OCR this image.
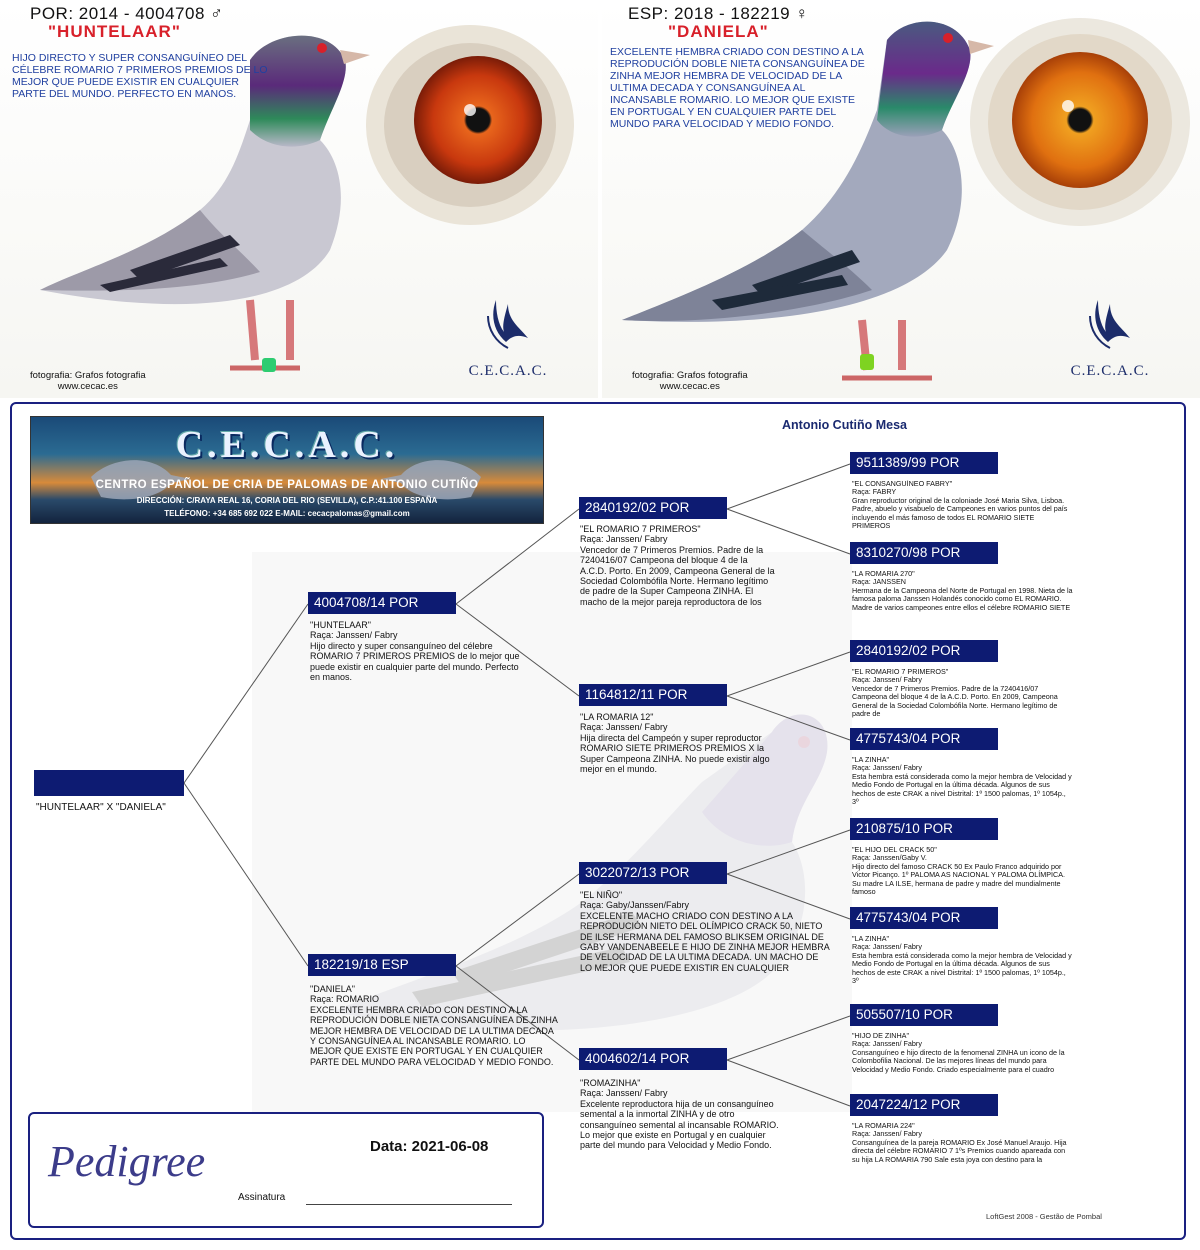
POR: 2014 - 4004708 ♂
"HUNTELAAR"
HIJO DIRECTO Y SUPER CONSANGUÍNEO DEL CÉLEBRE ROMARIO 7 PRIMEROS PREMIOS DE LO MEJOR QUE PUEDE EXISTIR EN CUALQUIER PARTE DEL MUNDO. PERFECTO EN MANOS.
fotografia: Grafos fotografia
www.cecac.es
C.E.C.A.C.
ESP: 2018 - 182219 ♀
"DANIELA"
EXCELENTE HEMBRA CRIADO CON DESTINO A LA REPRODUCIÓN DOBLE NIETA CONSANGUÍNEA DE ZINHA MEJOR HEMBRA DE VELOCIDAD DE LA ULTIMA DECADA Y CONSANGUÍNEA AL INCANSABLE ROMARIO. LO MEJOR QUE EXISTE EN PORTUGAL Y EN CUALQUIER PARTE DEL MUNDO PARA VELOCIDAD Y MEDIO FONDO.
fotografia: Grafos fotografia
www.cecac.es
C.E.C.A.C.
C.E.C.A.C.
CENTRO ESPAÑOL DE CRIA DE PALOMAS DE ANTONIO CUTIÑO
DIRECCIÓN: C/RAYA REAL 16, CORIA DEL RIO (SEVILLA), C.P.:41.100 ESPAÑA
TELÉFONO: +34 685 692 022 E-MAIL: cecacpalomas@gmail.com
Antonio Cutiño Mesa
"HUNTELAAR" X "DANIELA"
4004708/14 POR
"HUNTELAAR"
Raça: Janssen/ Fabry
Hijo directo y super consanguíneo del célebre ROMARIO 7 PRIMEROS PREMIOS de lo mejor que puede existir en cualquier parte del mundo. Perfecto en manos.
182219/18 ESP
"DANIELA"
Raça: ROMARIO
EXCELENTE HEMBRA CRIADO CON DESTINO A LA REPRODUCIÓN DOBLE NIETA CONSANGUÍNEA DE ZINHA MEJOR HEMBRA DE VELOCIDAD DE LA ULTIMA DECADA Y CONSANGUÍNEA AL INCANSABLE ROMARIO. LO MEJOR QUE EXISTE EN PORTUGAL Y EN CUALQUIER PARTE DEL MUNDO PARA VELOCIDAD Y MEDIO FONDO.
2840192/02 POR
"EL ROMARIO 7 PRIMEROS"
Raça: Janssen/ Fabry
Vencedor de 7 Primeros Premios. Padre de la 7240416/07 Campeona del bloque 4 de la A.C.D. Porto. En 2009, Campeona General de la Sociedad Colombófila Norte. Hermano legítimo de padre de la Super Campeona ZINHA. El macho de la mejor pareja reproductora de los
1164812/11 POR
"LA ROMARIA 12"
Raça: Janssen/ Fabry
Hija directa del Campeón y super reproductor ROMARIO SIETE PRIMEROS PREMIOS X la Super Campeona ZINHA. No puede existir algo mejor en el mundo.
3022072/13 POR
"EL NIÑO"
Raça: Gaby/Janssen/Fabry
EXCELENTE MACHO CRIADO CON DESTINO A LA REPRODUCIÓN NIETO DEL OLÍMPICO CRACK 50, NIETO DE ILSE HERMANA DEL FAMOSO BLIKSEM ORIGINAL DE GABY VANDENABEELE E HIJO DE ZINHA MEJOR HEMBRA DE VELOCIDAD DE LA ULTIMA DECADA. UN MACHO DE LO MEJOR QUE PUEDE EXISTIR EN CUALQUIER
4004602/14 POR
"ROMAZINHA"
Raça: Janssen/ Fabry
Excelente reproductora hija de un consanguíneo semental a la inmortal ZINHA y de otro consanguíneo semental al incansable ROMARIO. Lo mejor que existe en Portugal y en cualquier parte del mundo para Velocidad y Medio Fondo.
9511389/99 POR
"EL CONSANGUÍNEO FABRY"
Raça: FABRY
Gran reproductor original de la coloniade José Maria Silva, Lisboa. Padre, abuelo y visabuelo de Campeones en varios puntos del país incluyendo el más famoso de todos EL ROMARIO SIETE PRIMEROS
8310270/98 POR
"LA ROMARIA 270"
Raça: JANSSEN
Hermana de la Campeona del Norte de Portugal en 1998. Nieta de la famosa paloma Janssen Holandés conocido como EL ROMARIO. Madre de varios campeones entre ellos el célebre ROMARIO SIETE
2840192/02 POR
"EL ROMARIO 7 PRIMEROS"
Raça: Janssen/ Fabry
Vencedor de 7 Primeros Premios. Padre de la 7240416/07 Campeona del bloque 4 de la A.C.D. Porto. En 2009, Campeona General de la Sociedad Colombófila Norte. Hermano legítimo de padre de
4775743/04 POR
"LA ZINHA"
Raça: Janssen/ Fabry
Esta hembra está considerada como la mejor hembra de Velocidad y Medio Fondo de Portugal en la última década. Algunos de sus hechos de este CRAK a nivel Distrital: 1º 1500 palomas, 1º 1054p., 3º
210875/10 POR
"EL HIJO DEL CRACK 50"
Raça: Janssen/Gaby V.
Hijo directo del famoso CRACK 50 Ex Paulo Franco adquirido por Victor Picanço. 1º PALOMA AS NACIONAL Y PALOMA OLÍMPICA. Su madre LA ILSE, hermana de padre y madre del mundialmente famoso
4775743/04 POR
"LA ZINHA"
Raça: Janssen/ Fabry
Esta hembra está considerada como la mejor hembra de Velocidad y Medio Fondo de Portugal en la última década. Algunos de sus hechos de este CRAK a nivel Distrital: 1º 1500 palomas, 1º 1054p., 3º
505507/10 POR
"HIJO DE ZINHA"
Raça: Janssen/ Fabry
Consanguíneo e hijo directo de la fenomenal ZINHA un icono de la Colombofilia Nacional. De las mejores líneas del mundo para Velocidad y Medio Fondo. Criado especialmente para el cuadro
2047224/12 POR
"LA ROMARIA 224"
Raça: Janssen/ Fabry
Consanguínea de la pareja ROMARIO Ex José Manuel Araujo. Hija directa del célebre ROMARIO 7 1ºs Premios cuando apareada con su hija LA ROMARIA 790 Sale esta joya con destino para la
Pedigree	Data: 2021-06-08
Assinatura
LoftGest 2008 - Gestão de Pombal
